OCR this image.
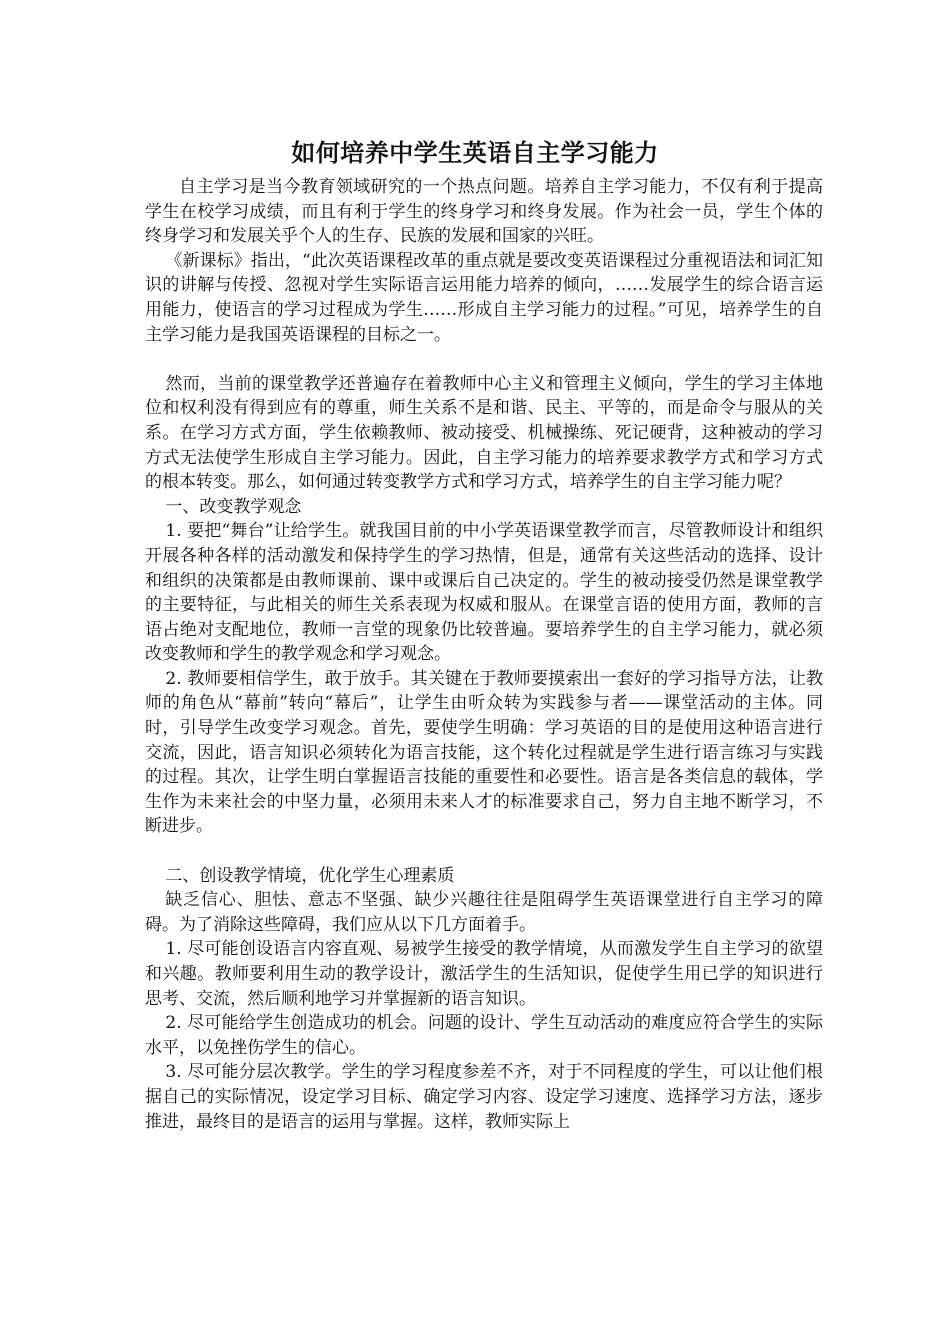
如何培养中学生英语自主学习能力

自主学习是当今教育领域研究的一个热点问题。培养自主学习能力，不仅有利于提高学生在校学习成绩，而且有利于学生的终身学习和终身发展。作为社会一员，学生个体的终身学习和发展关乎个人的生存、民族的发展和国家的兴旺。

《新课标》指出，“此次英语课程改革的重点就是要改变英语课程过分重视语法和词汇知识的讲解与传授、忽视对学生实际语言运用能力培养的倾向，……发展学生的综合语言运用能力，使语言的学习过程成为学生……形成自主学习能力的过程。”可见，培养学生的自主学习能力是我国英语课程的目标之一。

然而，当前的课堂教学还普遍存在着教师中心主义和管理主义倾向，学生的学习主体地位和权利没有得到应有的尊重，师生关系不是和谐、民主、平等的，而是命令与服从的关系。在学习方式方面，学生依赖教师、被动接受、机械操练、死记硬背，这种被动的学习方式无法使学生形成自主学习能力。因此，自主学习能力的培养要求教学方式和学习方式的根本转变。那么，如何通过转变教学方式和学习方式，培养学生的自主学习能力呢？

一、改变教学观念

1. 要把“舞台”让给学生。就我国目前的中小学英语课堂教学而言，尽管教师设计和组织开展各种各样的活动激发和保持学生的学习热情，但是，通常有关这些活动的选择、设计和组织的决策都是由教师课前、课中或课后自己决定的。学生的被动接受仍然是课堂教学的主要特征，与此相关的师生关系表现为权威和服从。在课堂言语的使用方面，教师的言语占绝对支配地位，教师一言堂的现象仍比较普遍。要培养学生的自主学习能力，就必须改变教师和学生的教学观念和学习观念。

2. 教师要相信学生，敢于放手。其关键在于教师要摸索出一套好的学习指导方法，让教师的角色从“幕前”转向“幕后”，让学生由听众转为实践参与者——课堂活动的主体。同时，引导学生改变学习观念。首先，要使学生明确：学习英语的目的是使用这种语言进行交流，因此，语言知识必须转化为语言技能，这个转化过程就是学生进行语言练习与实践的过程。其次，让学生明白掌握语言技能的重要性和必要性。语言是各类信息的载体，学生作为未来社会的中坚力量，必须用未来人才的标准要求自己，努力自主地不断学习，不断进步。

二、创设教学情境，优化学生心理素质

缺乏信心、胆怯、意志不坚强、缺少兴趣往往是阻碍学生英语课堂进行自主学习的障碍。为了消除这些障碍，我们应从以下几方面着手。

1. 尽可能创设语言内容直观、易被学生接受的教学情境，从而激发学生自主学习的欲望和兴趣。教师要利用生动的教学设计，激活学生的生活知识，促使学生用已学的知识进行思考、交流，然后顺利地学习并掌握新的语言知识。

2. 尽可能给学生创造成功的机会。问题的设计、学生互动活动的难度应符合学生的实际水平，以免挫伤学生的信心。

3. 尽可能分层次教学。学生的学习程度参差不齐，对于不同程度的学生，可以让他们根据自己的实际情况，设定学习目标、确定学习内容、设定学习速度、选择学习方法，逐步推进，最终目的是语言的运用与掌握。这样，教师实际上
